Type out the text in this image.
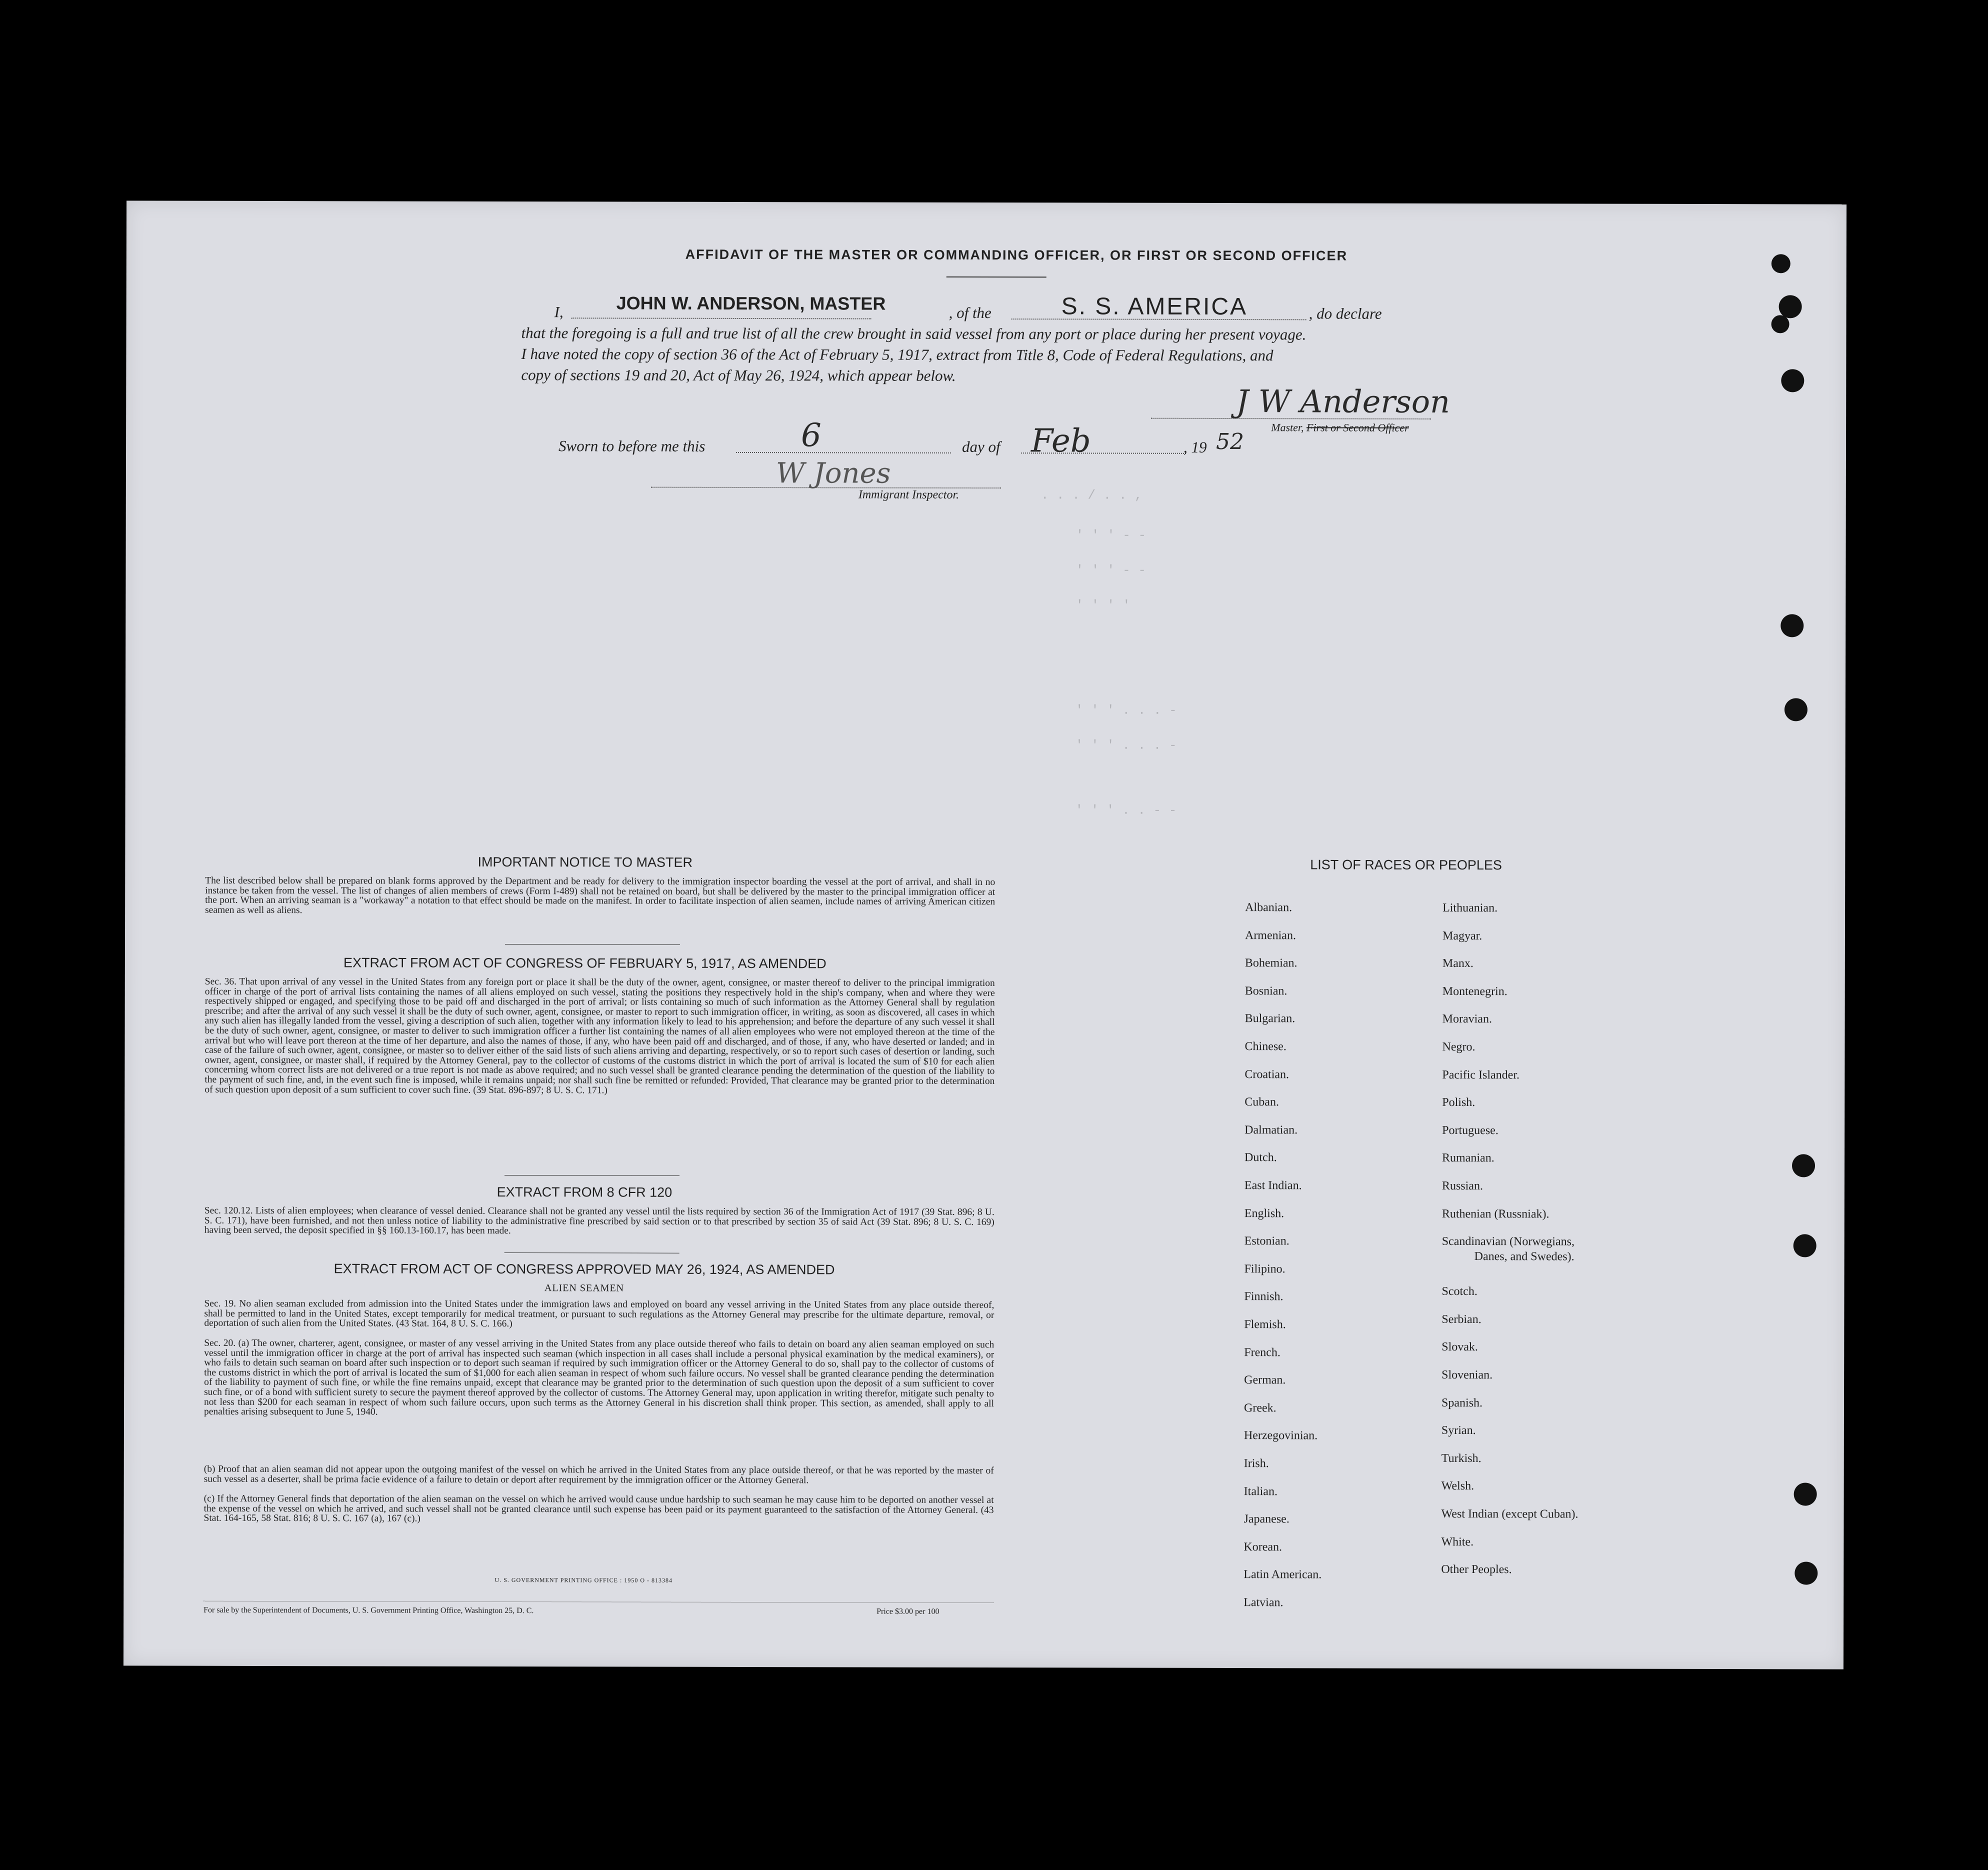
AFFIDAVIT OF THE MASTER OR COMMANDING OFFICER, OR FIRST OR SECOND OFFICER
I,	JOHN W. ANDERSON, MASTER	, of the	S. S. AMERICA	, do declare
that the foregoing is a full and true list of all the crew brought in said vessel from any port or place during her present voyage.
I have noted the copy of section 36 of the Act of February 5, 1917, extract from Title 8, Code of Federal Regulations, and
copy of sections 19 and 20, Act of May 26, 1924, which appear below.
J W Anderson
Master, First or Second Officer
Sworn to before me this	6	day of Feb	, 19 52
W Jones
Immigrant Inspector.	. . . / . . ,
' ' ' - -
' ' ' - -
' ' ' '
' ' ' . . . -
' ' ' . . . -
' ' ' . . - -
IMPORTANT NOTICE TO MASTER
The list described below shall be prepared on blank forms approved by the Department and be ready for delivery to the immigration inspector boarding the vessel at the port of arrival, and shall in no instance be taken from the vessel. The list of changes of alien members of crews (Form I-489) shall not be retained on board, but shall be delivered by the master to the principal immigration officer at the port. When an arriving seaman is a "workaway" a notation to that effect should be made on the manifest. In order to facilitate inspection of alien seamen, include names of arriving American citizen seamen as well as aliens.
EXTRACT FROM ACT OF CONGRESS OF FEBRUARY 5, 1917, AS AMENDED
Sec. 36. That upon arrival of any vessel in the United States from any foreign port or place it shall be the duty of the owner, agent, consignee, or master thereof to deliver to the principal immigration officer in charge of the port of arrival lists containing the names of all aliens employed on such vessel, stating the positions they respectively hold in the ship's company, when and where they were respectively shipped or engaged, and specifying those to be paid off and discharged in the port of arrival; or lists containing so much of such information as the Attorney General shall by regulation prescribe; and after the arrival of any such vessel it shall be the duty of such owner, agent, consignee, or master to report to such immigration officer, in writing, as soon as discovered, all cases in which any such alien has illegally landed from the vessel, giving a description of such alien, together with any information likely to lead to his apprehension; and before the departure of any such vessel it shall be the duty of such owner, agent, consignee, or master to deliver to such immigration officer a further list containing the names of all alien employees who were not employed thereon at the time of the arrival but who will leave port thereon at the time of her departure, and also the names of those, if any, who have been paid off and discharged, and of those, if any, who have deserted or landed; and in case of the failure of such owner, agent, consignee, or master so to deliver either of the said lists of such aliens arriving and departing, respectively, or so to report such cases of desertion or landing, such owner, agent, consignee, or master shall, if required by the Attorney General, pay to the collector of customs of the customs district in which the port of arrival is located the sum of $10 for each alien concerning whom correct lists are not delivered or a true report is not made as above required; and no such vessel shall be granted clearance pending the determination of the question of the liability to the payment of such fine, and, in the event such fine is imposed, while it remains unpaid; nor shall such fine be remitted or refunded: Provided, That clearance may be granted prior to the determination of such question upon deposit of a sum sufficient to cover such fine. (39 Stat. 896-897; 8 U. S. C. 171.)
EXTRACT FROM 8 CFR 120
Sec. 120.12. Lists of alien employees; when clearance of vessel denied. Clearance shall not be granted any vessel until the lists required by section 36 of the Immigration Act of 1917 (39 Stat. 896; 8 U. S. C. 171), have been furnished, and not then unless notice of liability to the administrative fine prescribed by said section or to that prescribed by section 35 of said Act (39 Stat. 896; 8 U. S. C. 169) having been served, the deposit specified in §§ 160.13-160.17, has been made.
EXTRACT FROM ACT OF CONGRESS APPROVED MAY 26, 1924, AS AMENDED
ALIEN SEAMEN
Sec. 19. No alien seaman excluded from admission into the United States under the immigration laws and employed on board any vessel arriving in the United States from any place outside thereof, shall be permitted to land in the United States, except temporarily for medical treatment, or pursuant to such regulations as the Attorney General may prescribe for the ultimate departure, removal, or deportation of such alien from the United States. (43 Stat. 164, 8 U. S. C. 166.)
Sec. 20. (a) The owner, charterer, agent, consignee, or master of any vessel arriving in the United States from any place outside thereof who fails to detain on board any alien seaman employed on such vessel until the immigration officer in charge at the port of arrival has inspected such seaman (which inspection in all cases shall include a personal physical examination by the medical examiners), or who fails to detain such seaman on board after such inspection or to deport such seaman if required by such immigration officer or the Attorney General to do so, shall pay to the collector of customs of the customs district in which the port of arrival is located the sum of $1,000 for each alien seaman in respect of whom such failure occurs. No vessel shall be granted clearance pending the determination of the liability to payment of such fine, or while the fine remains unpaid, except that clearance may be granted prior to the determination of such question upon the deposit of a sum sufficient to cover such fine, or of a bond with sufficient surety to secure the payment thereof approved by the collector of customs. The Attorney General may, upon application in writing therefor, mitigate such penalty to not less than $200 for each seaman in respect of whom such failure occurs, upon such terms as the Attorney General in his discretion shall think proper. This section, as amended, shall apply to all penalties arising subsequent to June 5, 1940.
(b) Proof that an alien seaman did not appear upon the outgoing manifest of the vessel on which he arrived in the United States from any place outside thereof, or that he was reported by the master of such vessel as a deserter, shall be prima facie evidence of a failure to detain or deport after requirement by the immigration officer or the Attorney General.
(c) If the Attorney General finds that deportation of the alien seaman on the vessel on which he arrived would cause undue hardship to such seaman he may cause him to be deported on another vessel at the expense of the vessel on which he arrived, and such vessel shall not be granted clearance until such expense has been paid or its payment guaranteed to the satisfaction of the Attorney General. (43 Stat. 164-165, 58 Stat. 816; 8 U. S. C. 167 (a), 167 (c).)
U. S. GOVERNMENT PRINTING OFFICE : 1950 O - 813384
For sale by the Superintendent of Documents, U. S. Government Printing Office, Washington 25, D. C.	Price $3.00 per 100
LIST OF RACES OR PEOPLES
Albanian.
Armenian.
Bohemian.
Bosnian.
Bulgarian.
Chinese.
Croatian.
Cuban.
Dalmatian.
Dutch.
East Indian.
English.
Estonian.
Filipino.
Finnish.
Flemish.
French.
German.
Greek.
Herzegovinian.
Irish.
Italian.
Japanese.
Korean.
Latin American.
Latvian.
Lithuanian.
Magyar.
Manx.
Montenegrin.
Moravian.
Negro.
Pacific Islander.
Polish.
Portuguese.
Rumanian.
Russian.
Ruthenian (Russniak).
Scandinavian (Norwegians,
Danes, and Swedes).
Scotch.
Serbian.
Slovak.
Slovenian.
Spanish.
Syrian.
Turkish.
Welsh.
West Indian (except Cuban).
White.
Other Peoples.
